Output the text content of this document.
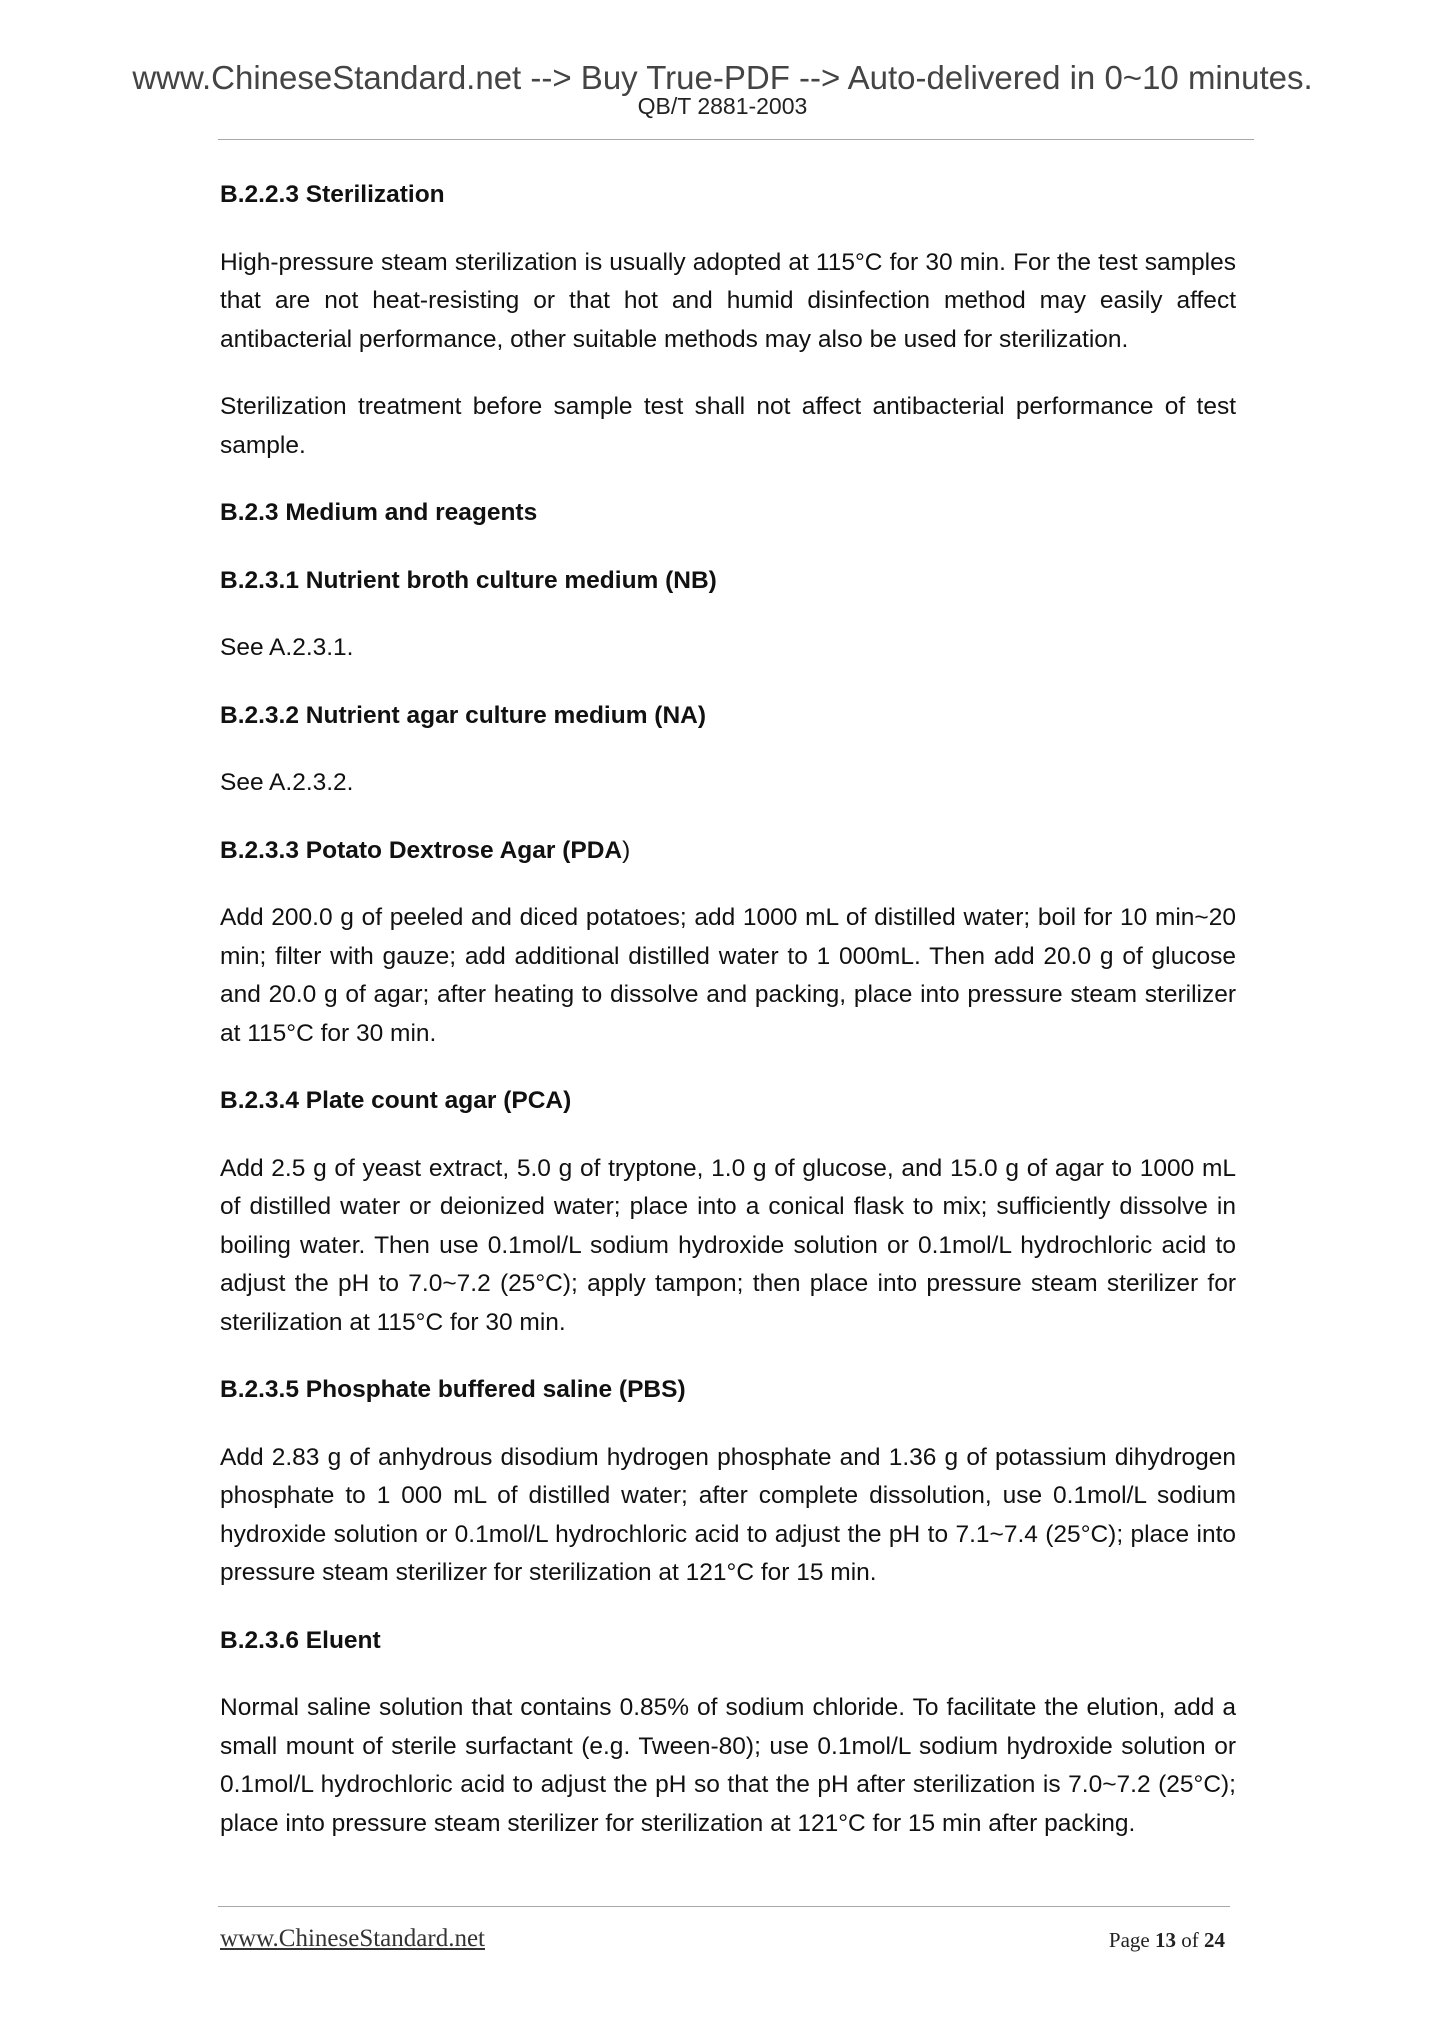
www.ChineseStandard.net --> Buy True-PDF --> Auto-delivered in 0~10 minutes.
QB/T 2881-2003
B.2.2.3 Sterilization

High-pressure steam sterilization is usually adopted at 115°C for 30 min. For the test samples that are not heat-resisting or that hot and humid disinfection method may easily affect antibacterial performance, other suitable methods may also be used for sterilization.

Sterilization treatment before sample test shall not affect antibacterial performance of test sample.

B.2.3 Medium and reagents
B.2.3.1 Nutrient broth culture medium (NB)

See A.2.3.1.

B.2.3.2 Nutrient agar culture medium (NA)

See A.2.3.2.

B.2.3.3 Potato Dextrose Agar (PDA)

Add 200.0 g of peeled and diced potatoes; add 1000 mL of distilled water; boil for 10 min~20 min; filter with gauze; add additional distilled water to 1 000mL. Then add 20.0 g of glucose and 20.0 g of agar; after heating to dissolve and packing, place into pressure steam sterilizer at 115°C for 30 min.

B.2.3.4 Plate count agar (PCA)

Add 2.5 g of yeast extract, 5.0 g of tryptone, 1.0 g of glucose, and 15.0 g of agar to 1000 mL of distilled water or deionized water; place into a conical flask to mix; sufficiently dissolve in boiling water. Then use 0.1mol/L sodium hydroxide solution or 0.1mol/L hydrochloric acid to adjust the pH to 7.0~7.2 (25°C); apply tampon; then place into pressure steam sterilizer for sterilization at 115°C for 30 min.

B.2.3.5 Phosphate buffered saline (PBS)

Add 2.83 g of anhydrous disodium hydrogen phosphate and 1.36 g of potassium dihydrogen phosphate to 1 000 mL of distilled water; after complete dissolution, use 0.1mol/L sodium hydroxide solution or 0.1mol/L hydrochloric acid to adjust the pH to 7.1~7.4 (25°C); place into pressure steam sterilizer for sterilization at 121°C for 15 min.

B.2.3.6 Eluent

Normal saline solution that contains 0.85% of sodium chloride. To facilitate the elution, add a small mount of sterile surfactant (e.g. Tween-80); use 0.1mol/L sodium hydroxide solution or 0.1mol/L hydrochloric acid to adjust the pH so that the pH after sterilization is 7.0~7.2 (25°C); place into pressure steam sterilizer for sterilization at 121°C for 15 min after packing.

www.ChineseStandard.net	Page 13 of 24
